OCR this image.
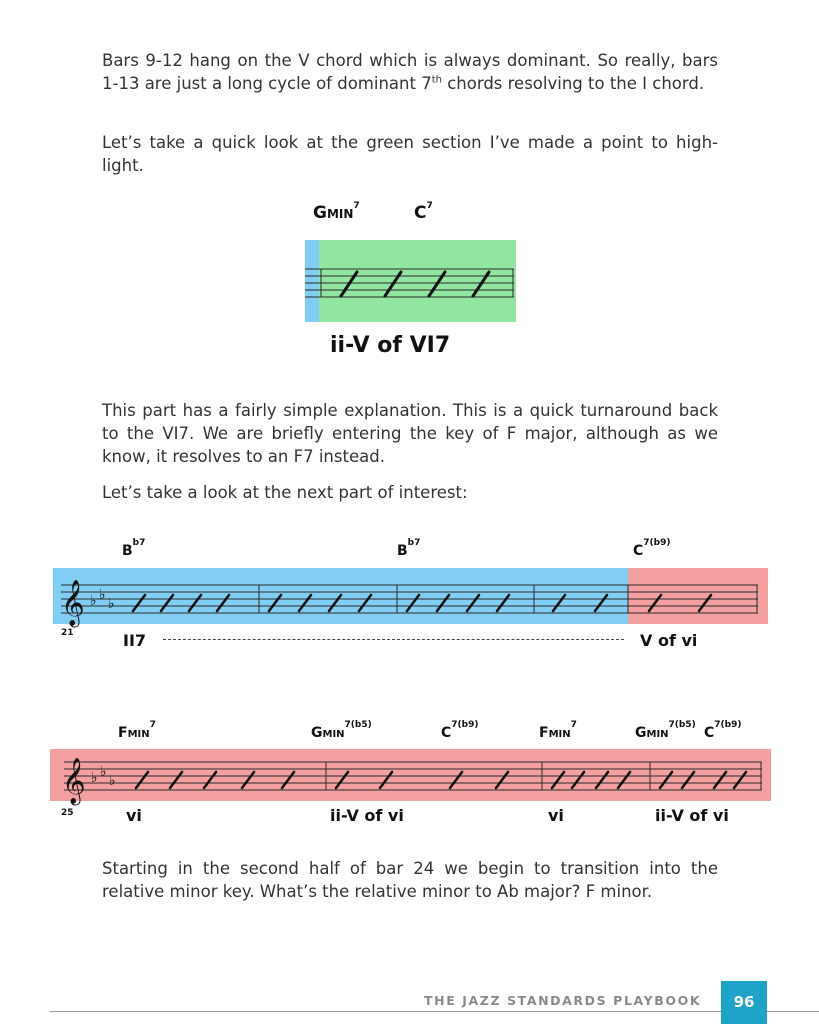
Bars 9-12 hang on the V chord which is always dominant. So really, bars 1-13 are just a long cycle of dominant 7th chords resolving to the I chord.

Let’s take a quick look at the green section I’ve made a point to high-light.

GMIN$^7$	$C^7$
ii-V of VI7

This part has a fairly simple explanation. This is a quick turnaround back to the VI7. We are briefly entering the key of F major, although as we know, it resolves to an F7 instead.

Let’s take a look at the next part of interest:

$B^{b7}$	$B^{b7}$	$C^{7(b9)}$
𝄞 ♭ ♭
♭
21	II7	V of vi
FMIN$^7$	$GMIN^{7(b5)}$	$C^{7(b9)}$	FMIN$^7$	$GMIN^{7(b5)}$ $C^{7(b9)}$
𝄞 ♭ ♭
♭
25	vi	ii-V of vi	vi	ii-V of vi

Starting in the second half of bar 24 we begin to transition into the relative minor key. What’s the relative minor to Ab major? F minor.

THE JAZZ STANDARDS PLAYBOOK	96
